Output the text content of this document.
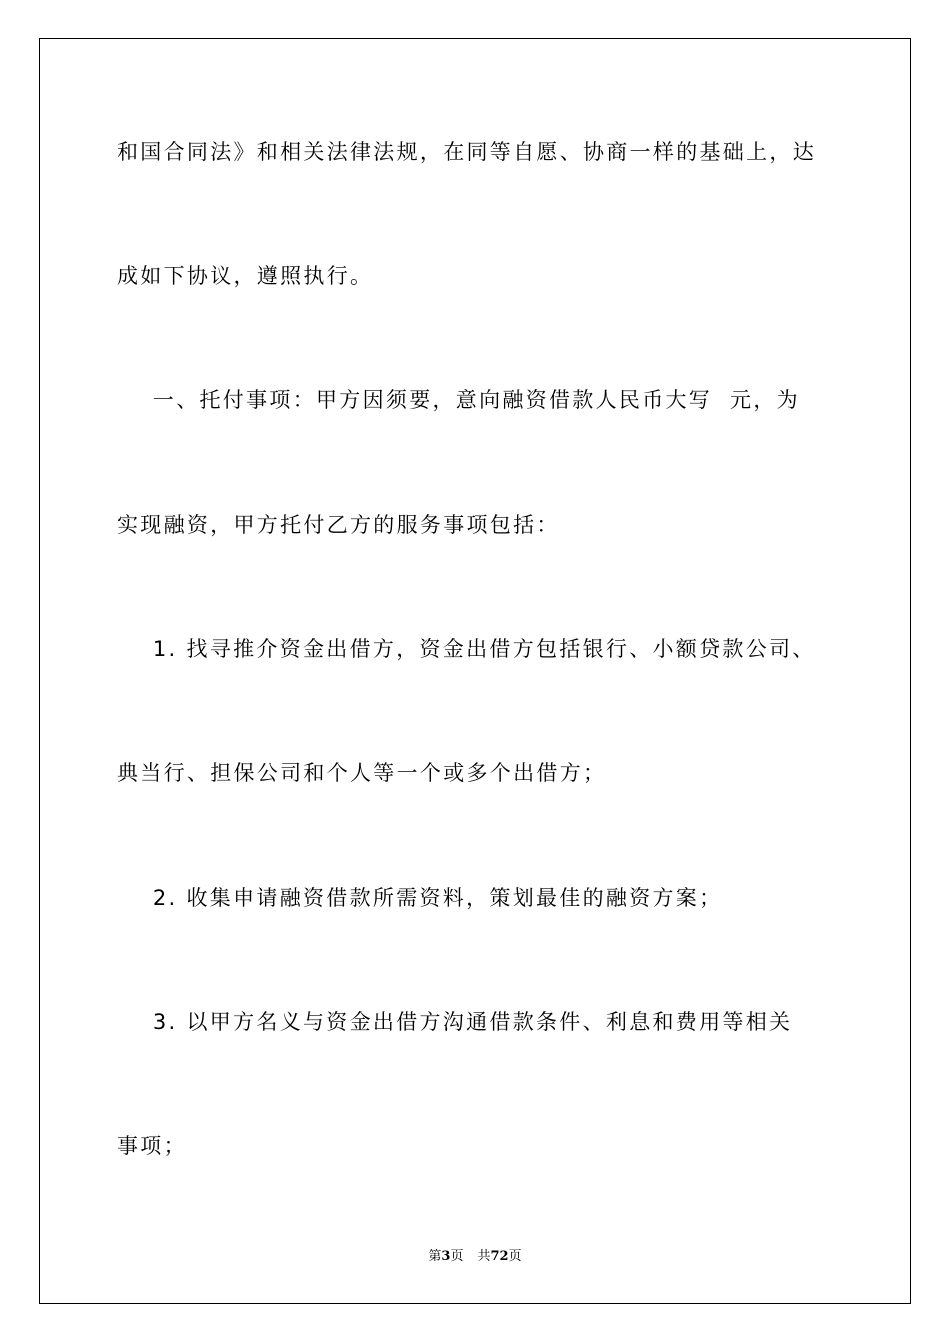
和国合同法》和相关法律法规，在同等自愿、协商一样的基础上，达
成如下协议，遵照执行。
一、托付事项：甲方因须要，意向融资借款人民币大写  元，为
实现融资，甲方托付乙方的服务事项包括：
1. 找寻推介资金出借方，资金出借方包括银行、小额贷款公司、
典当行、担保公司和个人等一个或多个出借方；
2. 收集申请融资借款所需资料，策划最佳的融资方案；
3. 以甲方名义与资金出借方沟通借款条件、利息和费用等相关
事项；
第3页 共72页
